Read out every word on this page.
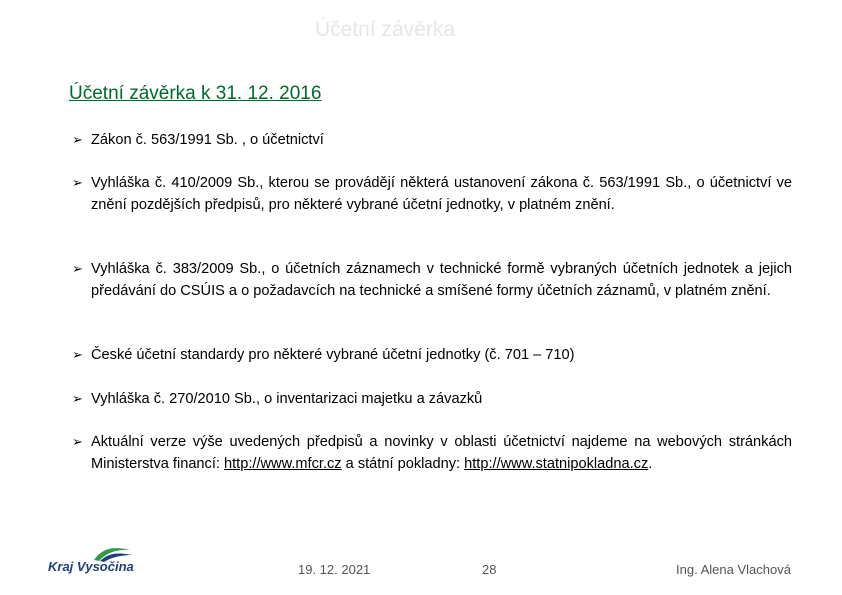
Účetní závěrka
Účetní závěrka k 31. 12. 2016
➢ Zákon č. 563/1991 Sb. , o účetnictví
➢ Vyhláška č. 410/2009 Sb., kterou se provádějí některá ustanovení zákona č. 563/1991 Sb., o účetnictví ve znění pozdějších předpisů, pro některé vybrané účetní jednotky, v platném znění.
➢ Vyhláška č. 383/2009 Sb., o účetních záznamech v technické formě vybraných účetních jednotek a jejich předávání do CSÚIS a o požadavcích na technické a smíšené formy účetních záznamů, v platném znění.
➢ České účetní standardy pro některé vybrané účetní jednotky (č. 701 – 710)
➢ Vyhláška č. 270/2010 Sb., o inventarizaci majetku a závazků
➢ Aktuální verze výše uvedených předpisů a novinky v oblasti účetnictví najdeme na webových stránkách Ministerstva financí: http://www.mfcr.cz a státní pokladny: http://www.statnipokladna.cz.
Kraj Vysočina	19. 12. 2021	28	Ing. Alena Vlachová
